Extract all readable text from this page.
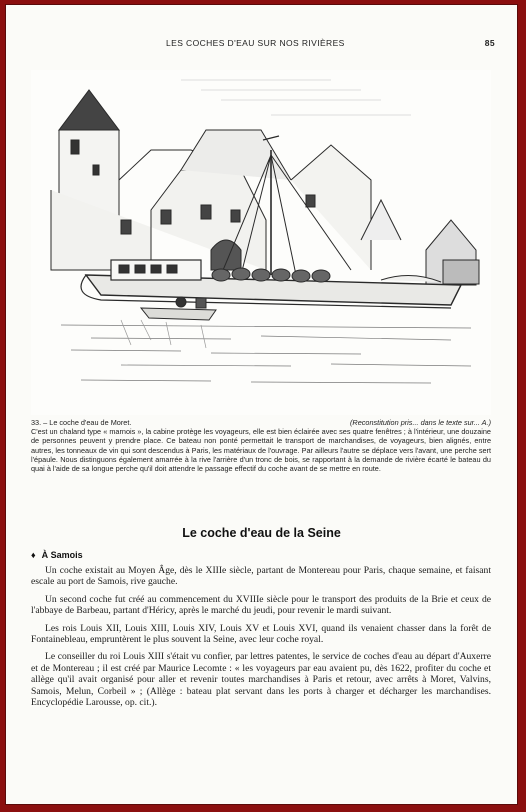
LES COCHES D'EAU SUR NOS RIVIÈRES	85
33. – Le coche d'eau de Moret.	(Reconstitution pris... dans le texte sur... A.)
C'est un chaland type « marnois », la cabine protège les voyageurs, elle est bien éclairée avec ses quatre fenêtres ; à l'intérieur, une douzaine de personnes peuvent y prendre place. Ce bateau non ponté permettait le transport de marchandises, de voyageurs, bien alignés, entre autres, les tonneaux de vin qui sont descendus à Paris, les matériaux de l'ouvrage. Par ailleurs l'autre se déplace vers l'avant, une perche sert l'épaule. Nous distinguons également amarrée à la rive l'arrière d'un tronc de bois, se rapportant à la demande de rivière écarté le bateau du quai à l'aide de sa longue perche qu'il doit attendre le passage effectif du coche avant de se mettre en route.
Le coche d'eau de la Seine
♦ À Samois

Un coche existait au Moyen Âge, dès le XIIIe siècle, partant de Montereau pour Paris, chaque semaine, et faisant escale au port de Samois, rive gauche.

Un second coche fut créé au commencement du XVIIIe siècle pour le transport des produits de la Brie et ceux de l'abbaye de Barbeau, partant d'Héricy, après le marché du jeudi, pour revenir le mardi suivant.

Les rois Louis XII, Louis XIII, Louis XIV, Louis XV et Louis XVI, quand ils venaient chasser dans la forêt de Fontainebleau, empruntèrent le plus souvent la Seine, avec leur coche royal.

Le conseiller du roi Louis XIII s'était vu confier, par lettres patentes, le service de coches d'eau au départ d'Auxerre et de Montereau ; il est créé par Maurice Lecomte : « les voyageurs par eau avaient pu, dès 1622, profiter du coche et allège qu'il avait organisé pour aller et revenir toutes marchandises à Paris et retour, avec arrêts à Moret, Valvins, Samois, Melun, Corbeil » ; (Allège : bateau plat servant dans les ports à charger et décharger les marchandises. Encyclopédie Larousse, op. cit.).
